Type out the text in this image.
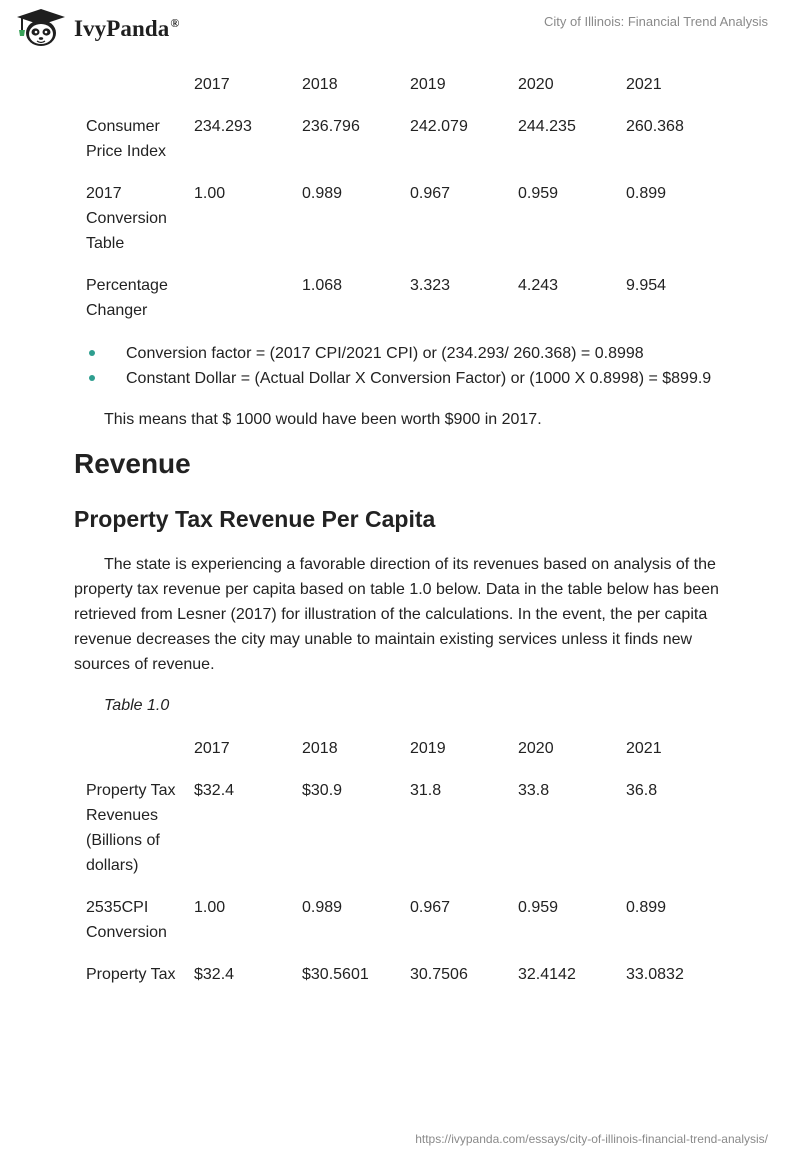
IvyPanda®	City of Illinois: Financial Trend Analysis
	2017	2018	2019	2020	2021
Consumer Price Index	234.293	236.796	242.079	244.235	260.368
2017 Conversion Table	1.00	0.989	0.967	0.959	0.899
Percentage Changer		1.068	3.323	4.243	9.954
Conversion factor = (2017 CPI/2021 CPI) or (234.293/ 260.368) = 0.8998
Constant Dollar = (Actual Dollar X Conversion Factor) or (1000 X 0.8998) = $899.9

This means that $ 1000 would have been worth $900 in 2017.

Revenue
Property Tax Revenue Per Capita

The state is experiencing a favorable direction of its revenues based on analysis of the property tax revenue per capita based on table 1.0 below. Data in the table below has been retrieved from Lesner (2017) for illustration of the calculations. In the event, the per capita revenue decreases the city may unable to maintain existing services unless it finds new sources of revenue.

Table 1.0

	2017	2018	2019	2020	2021
Property Tax Revenues (Billions of dollars)	$32.4	$30.9	31.8	33.8	36.8
2535CPI Conversion	1.00	0.989	0.967	0.959	0.899
Property Tax	$32.4	$30.5601	30.7506	32.4142	33.0832
https://ivypanda.com/essays/city-of-illinois-financial-trend-analysis/
